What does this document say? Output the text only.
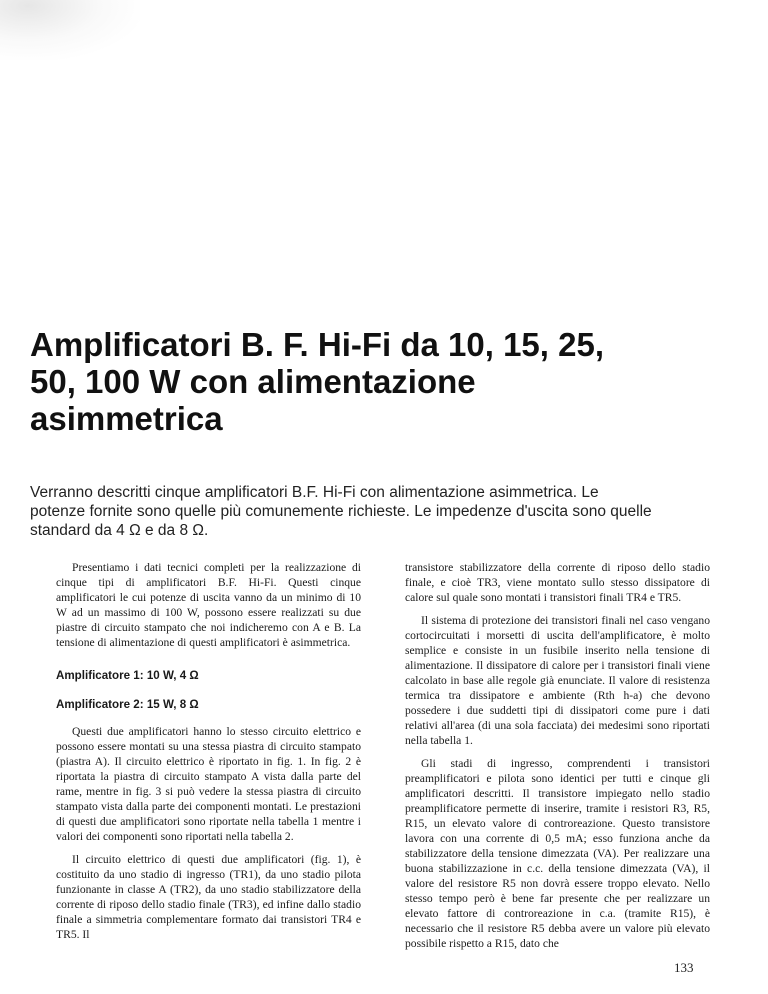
Amplificatori B. F. Hi-Fi da 10, 15, 25,
50, 100 W con alimentazione
asimmetrica
Verranno descritti cinque amplificatori B.F. Hi-Fi con alimentazione asimmetrica. Le
potenze fornite sono quelle più comunemente richieste. Le impedenze d'uscita sono quelle
standard da 4 Ω e da 8 Ω.

Presentiamo i dati tecnici completi per la realizzazione di cinque tipi di amplificatori B.F. Hi-Fi. Questi cinque amplificatori le cui potenze di uscita vanno da un minimo di 10 W ad un massimo di 100 W, possono essere realizzati su due piastre di circuito stampato che noi indicheremo con A e B. La tensione di alimentazione di questi amplificatori è asimmetrica.

Amplificatore 1: 10 W, 4 Ω
Amplificatore 2: 15 W, 8 Ω

Questi due amplificatori hanno lo stesso circuito elettrico e possono essere montati su una stessa piastra di circuito stampato (piastra A). Il circuito elettrico è riportato in fig. 1. In fig. 2 è riportata la piastra di circuito stampato A vista dalla parte del rame, mentre in fig. 3 si può vedere la stessa piastra di circuito stampato vista dalla parte dei componenti montati. Le prestazioni di questi due amplificatori sono riportate nella tabella 1 mentre i valori dei componenti sono riportati nella tabella 2.

Il circuito elettrico di questi due amplificatori (fig. 1), è costituito da uno stadio di ingresso (TR1), da uno stadio pilota funzionante in classe A (TR2), da uno stadio stabilizzatore della corrente di riposo dello stadio finale (TR3), ed infine dallo stadio finale a simmetria complementare formato dai transistori TR4 e TR5. Il

transistore stabilizzatore della corrente di riposo dello stadio finale, e cioè TR3, viene montato sullo stesso dissipatore di calore sul quale sono montati i transistori finali TR4 e TR5.

Il sistema di protezione dei transistori finali nel caso vengano cortocircuitati i morsetti di uscita dell'amplificatore, è molto semplice e consiste in un fusibile inserito nella tensione di alimentazione. Il dissipatore di calore per i transistori finali viene calcolato in base alle regole già enunciate. Il valore di resistenza termica tra dissipatore e ambiente (Rth h-a) che devono possedere i due suddetti tipi di dissipatori come pure i dati relativi all'area (di una sola facciata) dei medesimi sono riportati nella tabella 1.

Gli stadi di ingresso, comprendenti i transistori preamplificatori e pilota sono identici per tutti e cinque gli amplificatori descritti. Il transistore impiegato nello stadio preamplificatore permette di inserire, tramite i resistori R3, R5, R15, un elevato valore di controreazione. Questo transistore lavora con una corrente di 0,5 mA; esso funziona anche da stabilizzatore della tensione dimezzata (VA). Per realizzare una buona stabilizzazione in c.c. della tensione dimezzata (VA), il valore del resistore R5 non dovrà essere troppo elevato. Nello stesso tempo però è bene far presente che per realizzare un elevato fattore di controreazione in c.a. (tramite R15), è necessario che il resistore R5 debba avere un valore più elevato possibile rispetto a R15, dato che

133
